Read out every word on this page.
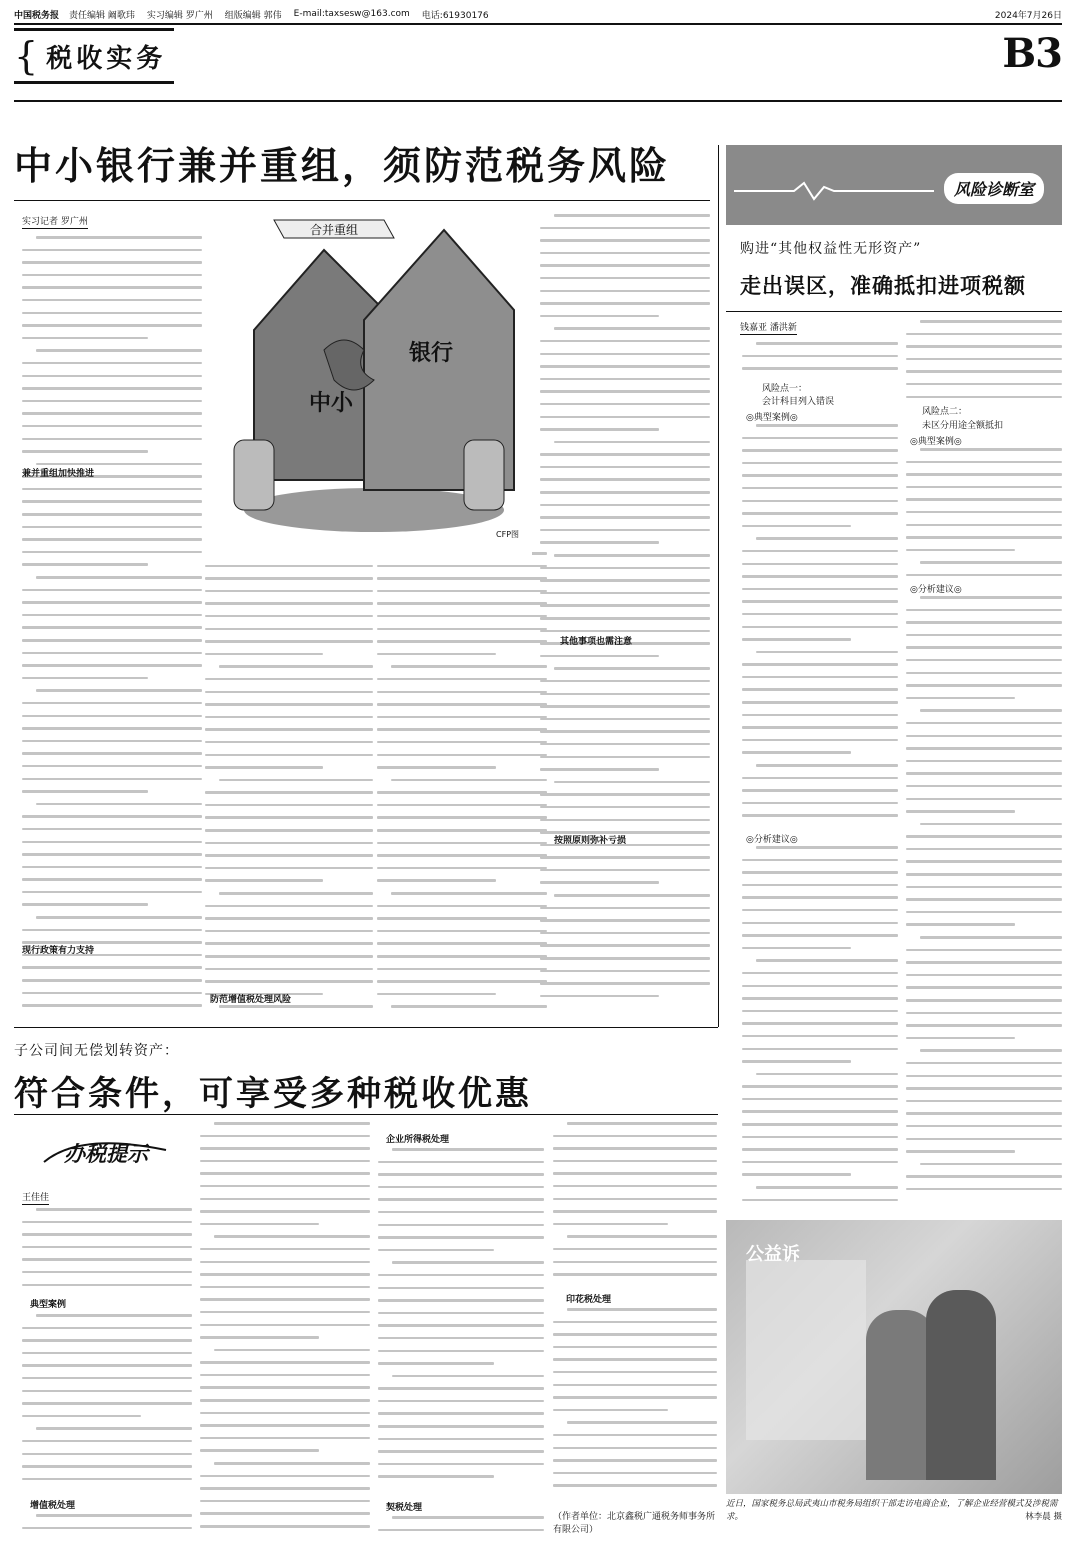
中国税务报 责任编辑 阚歌玮 实习编辑 罗广州 组版编辑 郭伟 E-mail:taxsesw@163.com 电话:61930176	2024年7月26日
{ 税收实务	B3
中小银行兼并重组，须防范税务风险
实习记者 罗广州
兼并重组加快推进
现行政策有力支持
防范增值税处理风险
按照原则弥补亏损
其他事项也需注意
合并重组
中小
银行
CFP图
风险诊断室
购进“其他权益性无形资产”
走出误区，准确抵扣进项税额
钱嘉亚 潘洪新
风险点一：
会计科目列入错误
◎典型案例◎
◎分析建议◎
风险点二：
未区分用途全额抵扣
◎典型案例◎
◎分析建议◎
子公司间无偿划转资产：
符合条件，可享受多种税收优惠
办税提示
王佳佳
典型案例
增值税处理
企业所得税处理
契税处理
印花税处理
（作者单位：北京鑫税广通税务师事务所有限公司）
公益诉
近日，国家税务总局武夷山市税务局组织干部走访电商企业，了解企业经营模式及涉税需求。	林李晨 摄
